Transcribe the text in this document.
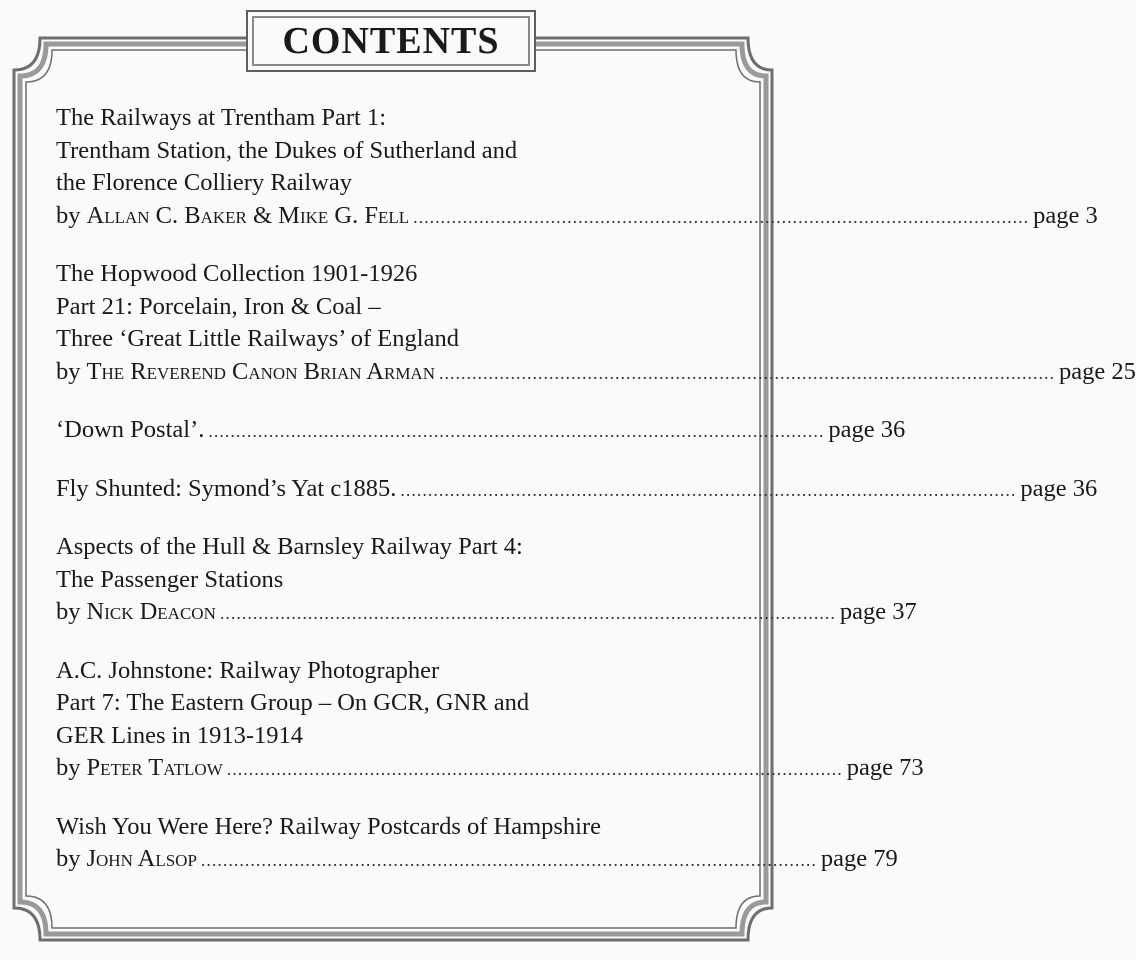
CONTENTS
The Railways at Trentham Part 1:
Trentham Station, the Dukes of Sutherland and
the Florence Colliery Railway
by Allan C. Baker & Mike G. Fell ................................................................................................................ page 3
The Hopwood Collection 1901-1926
Part 21: Porcelain, Iron & Coal –
Three ‘Great Little Railways’ of England
by The Reverend Canon Brian Arman ................................................................................................................ page 25
‘Down Postal’. ................................................................................................................ page 36
Fly Shunted: Symond’s Yat c1885. ................................................................................................................ page 36
Aspects of the Hull & Barnsley Railway Part 4:
The Passenger Stations
by Nick Deacon ................................................................................................................ page 37
A.C. Johnstone: Railway Photographer
Part 7: The Eastern Group – On GCR, GNR and
GER Lines in 1913-1914
by Peter Tatlow ................................................................................................................ page 73
Wish You Were Here? Railway Postcards of Hampshire
by John Alsop ................................................................................................................ page 79
